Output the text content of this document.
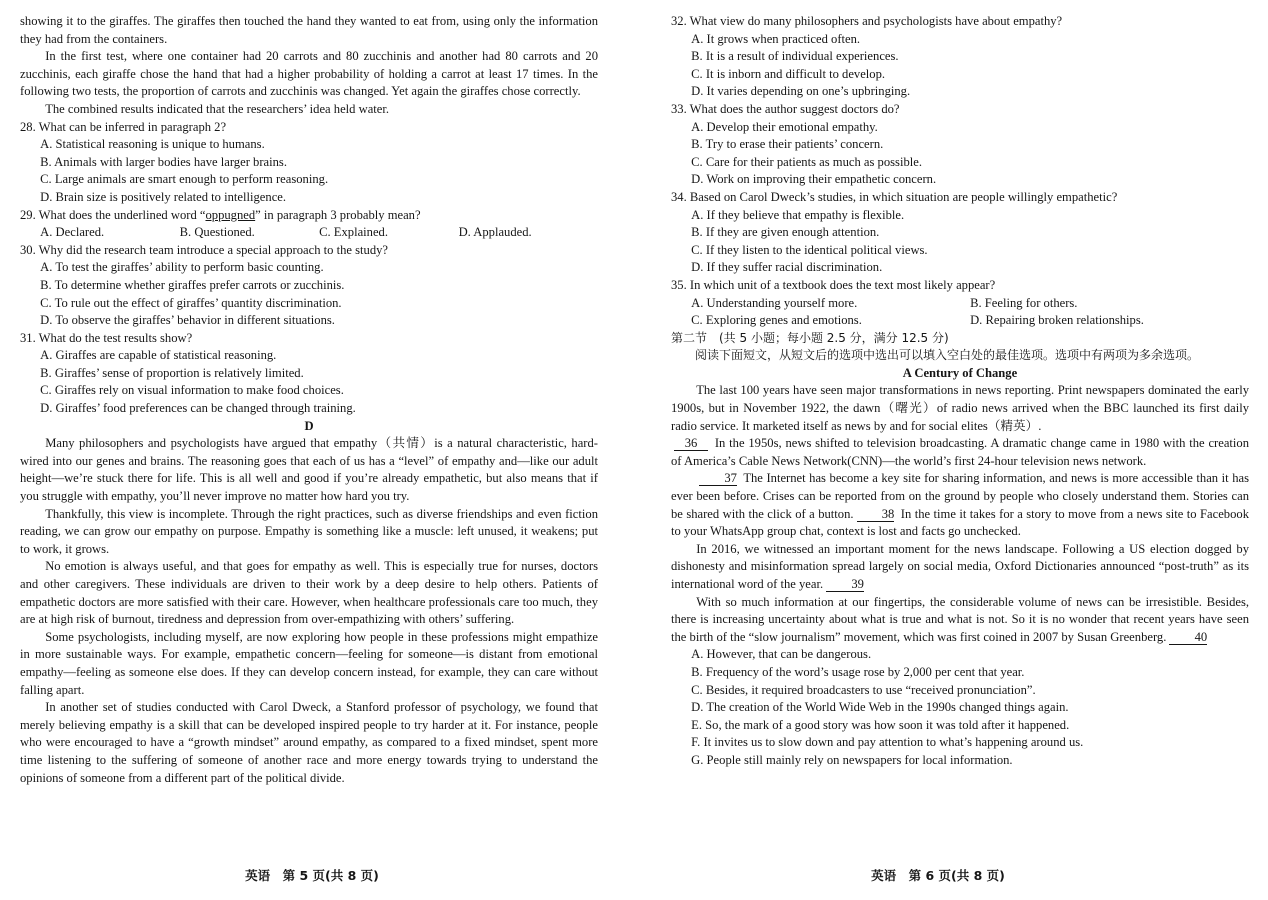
showing it to the giraffes. The giraffes then touched the hand they wanted to eat from, using only the information they had from the containers.

In the first test, where one container had 20 carrots and 80 zucchinis and another had 80 carrots and 20 zucchinis, each giraffe chose the hand that had a higher probability of holding a carrot at least 17 times. In the following two tests, the proportion of carrots and zucchinis was changed. Yet again the giraffes chose correctly.

The combined results indicated that the researchers’ idea held water.

28. What can be inferred in paragraph 2?

A. Statistical reasoning is unique to humans.

B. Animals with larger bodies have larger brains.

C. Large animals are smart enough to perform reasoning.

D. Brain size is positively related to intelligence.

29. What does the underlined word “oppugned” in paragraph 3 probably mean?

A. Declared.	B. Questioned.	C. Explained.	D. Applauded.

30. Why did the research team introduce a special approach to the study?

A. To test the giraffes’ ability to perform basic counting.

B. To determine whether giraffes prefer carrots or zucchinis.

C. To rule out the effect of giraffes’ quantity discrimination.

D. To observe the giraffes’ behavior in different situations.

31. What do the test results show?

A. Giraffes are capable of statistical reasoning.

B. Giraffes’ sense of proportion is relatively limited.

C. Giraffes rely on visual information to make food choices.

D. Giraffes’ food preferences can be changed through training.

D

Many philosophers and psychologists have argued that empathy（共情）is a natural characteristic, hard-wired into our genes and brains. The reasoning goes that each of us has a “level” of empathy and—like our adult height—we’re stuck there for life. This is all well and good if you’re already empathetic, but also means that if you struggle with empathy, you’ll never improve no matter how hard you try.

Thankfully, this view is incomplete. Through the right practices, such as diverse friendships and even fiction reading, we can grow our empathy on purpose. Empathy is something like a muscle: left unused, it weakens; put to work, it grows.

No emotion is always useful, and that goes for empathy as well. This is especially true for nurses, doctors and other caregivers. These individuals are driven to their work by a deep desire to help others. Patients of empathetic doctors are more satisfied with their care. However, when healthcare professionals care too much, they are at high risk of burnout, tiredness and depression from over-empathizing with others’ suffering.

Some psychologists, including myself, are now exploring how people in these professions might empathize in more sustainable ways. For example, empathetic concern—feeling for someone—is distant from emotional empathy—feeling as someone else does. If they can develop concern instead, for example, they can care without falling apart.

In another set of studies conducted with Carol Dweck, a Stanford professor of psychology, we found that merely believing empathy is a skill that can be developed inspired people to try harder at it. For instance, people who were encouraged to have a “growth mindset” around empathy, as compared to a fixed mindset, spent more time listening to the suffering of someone of another race and more energy towards trying to understand the opinions of someone from a different part of the political divide.

32. What view do many philosophers and psychologists have about empathy?

A. It grows when practiced often.

B. It is a result of individual experiences.

C. It is inborn and difficult to develop.

D. It varies depending on one’s upbringing.

33. What does the author suggest doctors do?

A. Develop their emotional empathy.

B. Try to erase their patients’ concern.

C. Care for their patients as much as possible.

D. Work on improving their empathetic concern.

34. Based on Carol Dweck’s studies, in which situation are people willingly empathetic?

A. If they believe that empathy is flexible.

B. If they are given enough attention.

C. If they listen to the identical political views.

D. If they suffer racial discrimination.

35. In which unit of a textbook does the text most likely appear?

A. Understanding yourself more.	B. Feeling for others.
C. Exploring genes and emotions.	D. Repairing broken relationships.

第二节　(共 5 小题；每小题 2.5 分，满分 12.5 分)

阅读下面短文，从短文后的选项中选出可以填入空白处的最佳选项。选项中有两项为多余选项。

A Century of Change

The last 100 years have seen major transformations in news reporting. Print newspapers dominated the early 1900s, but in November 1922, the dawn（曙光）of radio news arrived when the BBC launched its first daily radio service. It marketed itself as news by and for social elites（精英）.

36 In the 1950s, news shifted to television broadcasting. A dramatic change came in 1980 with the creation of America’s Cable News Network(CNN)—the world’s first 24-hour television news network.

37 The Internet has become a key site for sharing information, and news is more accessible than it has ever been before. Crises can be reported from on the ground by people who closely understand them. Stories can be shared with the click of a button. 38 In the time it takes for a story to move from a news site to Facebook to your WhatsApp group chat, context is lost and facts go unchecked.

In 2016, we witnessed an important moment for the news landscape. Following a US election dogged by dishonesty and misinformation spread largely on social media, Oxford Dictionaries announced “post-truth” as its international word of the year. 39

With so much information at our fingertips, the considerable volume of news can be irresistible. Besides, there is increasing uncertainty about what is true and what is not. So it is no wonder that recent years have seen the birth of the “slow journalism” movement, which was first coined in 2007 by Susan Greenberg. 40

A. However, that can be dangerous.

B. Frequency of the word’s usage rose by 2,000 per cent that year.

C. Besides, it required broadcasters to use “received pronunciation”.

D. The creation of the World Wide Web in the 1990s changed things again.

E. So, the mark of a good story was how soon it was told after it happened.

F. It invites us to slow down and pay attention to what’s happening around us.

G. People still mainly rely on newspapers for local information.

英语　第 5 页(共 8 页)	英语　第 6 页(共 8 页)
